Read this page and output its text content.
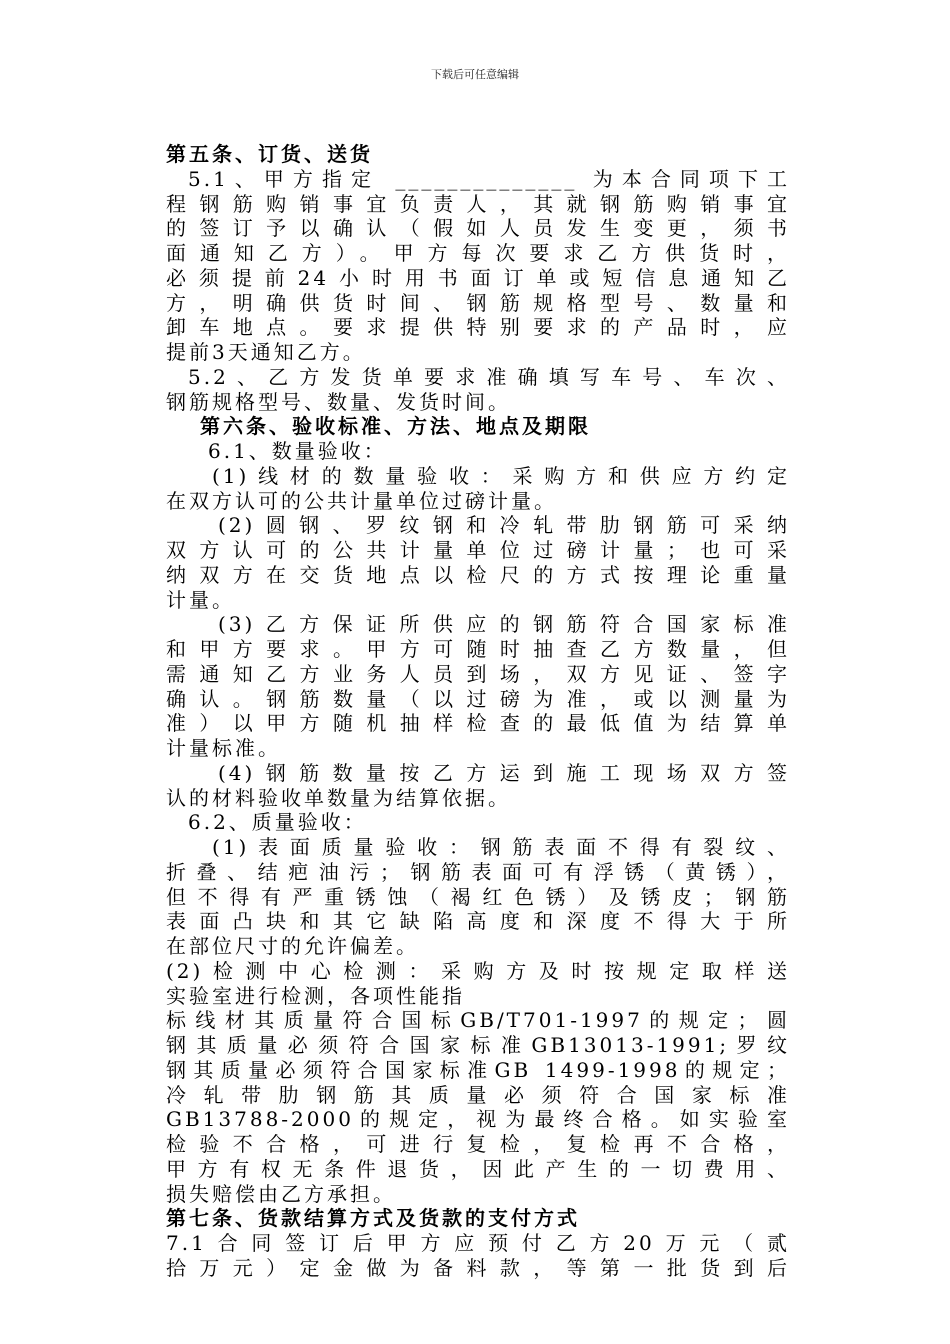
下载后可任意编辑
第五条、订货、送货
5.1、甲方指定 ______________ 为本合同项下工
程钢筋购销事宜负责人，其就钢筋购销事宜
的签订予以确认（假如人员发生变更，须书
面通知乙方）。甲方每次要求乙方供货时，
必须提前24小时用书面订单或短信息通知乙
方，明确供货时间、钢筋规格型号、数量和
卸车地点。要求提供特别要求的产品时，应
提前3天通知乙方。
5.2、乙方发货单要求准确填写车号、车次、
钢筋规格型号、数量、发货时间。
第六条、验收标准、方法、地点及期限
6.1、数量验收：
(1)线材的数量验收：采购方和供应方约定
在双方认可的公共计量单位过磅计量。
(2)圆钢、罗纹钢和冷轧带肋钢筋可采纳
双方认可的公共计量单位过磅计量；也可采
纳双方在交货地点以检尺的方式按理论重量
计量。
(3)乙方保证所供应的钢筋符合国家标准
和甲方要求。甲方可随时抽查乙方数量，但
需通知乙方业务人员到场，双方见证、签字
确认。钢筋数量（以过磅为准，或以测量为
准）以甲方随机抽样检查的最低值为结算单
计量标准。
(4)钢筋数量按乙方运到施工现场双方签
认的材料验收单数量为结算依据。
6.2、质量验收：
(1)表面质量验收：钢筋表面不得有裂纹、
折叠、结疤油污；钢筋表面可有浮锈（黄锈），
但不得有严重锈蚀（褐红色锈）及锈皮；钢筋
表面凸块和其它缺陷高度和深度不得大于所
在部位尺寸的允许偏差。
(2)检测中心检测：采购方及时按规定取样送
实验室进行检测，各项性能指
标线材其质量符合国标GB/T701-1997的规定；圆
钢其质量必须符合国家标准GB13013-1991;罗纹
钢其质量必须符合国家标准GB 1499-1998的规定；
冷轧带肋钢筋其质量必须符合国家标准
GB13788-2000的规定，视为最终合格。如实验室
检验不合格，可进行复检，复检再不合格，
甲方有权无条件退货，因此产生的一切费用、
损失赔偿由乙方承担。
第七条、货款结算方式及货款的支付方式
7.1合同签订后甲方应预付乙方20万元（贰
拾万元）定金做为备料款，等第一批货到后
